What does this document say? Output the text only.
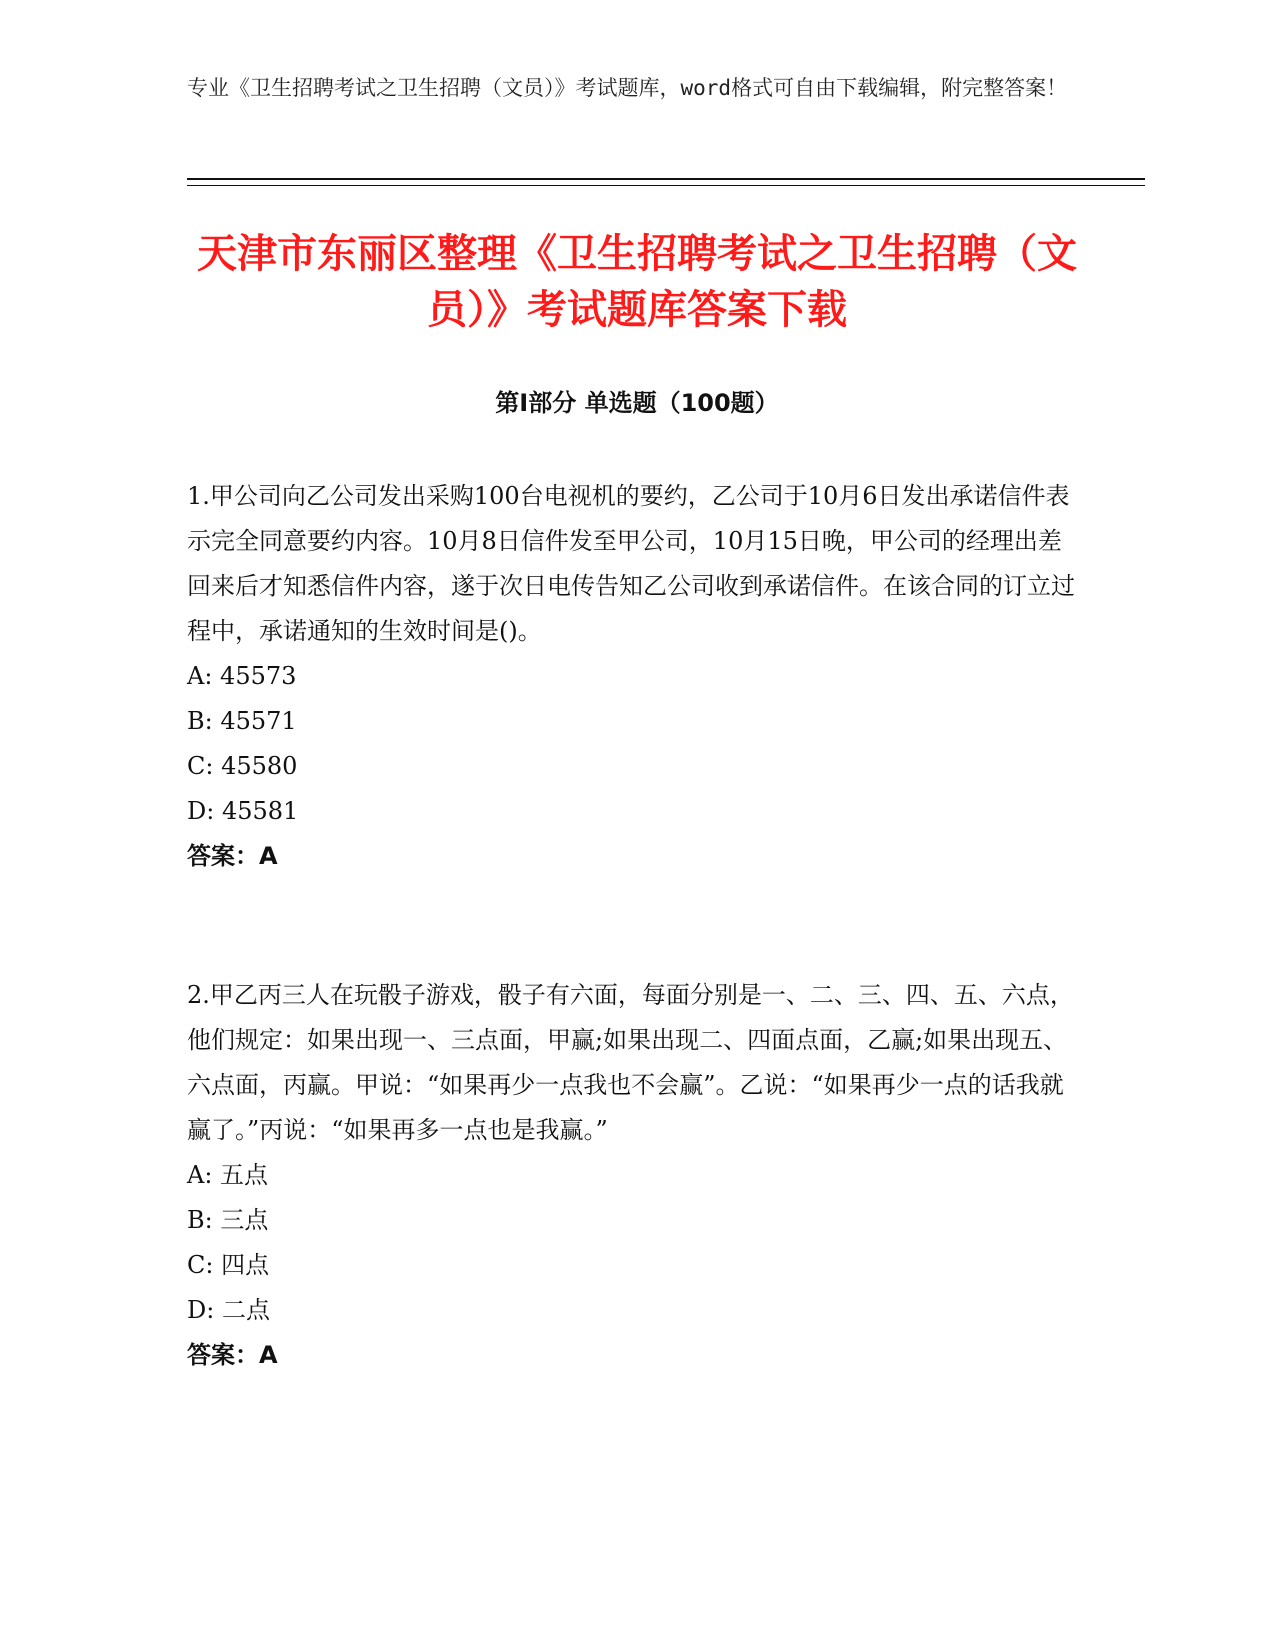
专业《卫生招聘考试之卫生招聘（文员）》考试题库，word格式可自由下载编辑，附完整答案！
天津市东丽区整理《卫生招聘考试之卫生招聘（文员）》考试题库答案下载
第I部分 单选题（100题）

1.甲公司向乙公司发出采购100台电视机的要约，乙公司于10月6日发出承诺信件表示完全同意要约内容。10月8日信件发至甲公司，10月15日晚，甲公司的经理出差回来后才知悉信件内容，遂于次日电传告知乙公司收到承诺信件。在该合同的订立过程中，承诺通知的生效时间是()。

A: 45573

B: 45571

C: 45580

D: 45581

答案：A

2.甲乙丙三人在玩骰子游戏，骰子有六面，每面分别是一、二、三、四、五、六点，他们规定：如果出现一、三点面，甲赢;如果出现二、四面点面，乙赢;如果出现五、六点面，丙赢。甲说：“如果再少一点我也不会赢”。乙说：“如果再少一点的话我就赢了。”丙说：“如果再多一点也是我赢。”

A: 五点

B: 三点

C: 四点

D: 二点

答案：A
